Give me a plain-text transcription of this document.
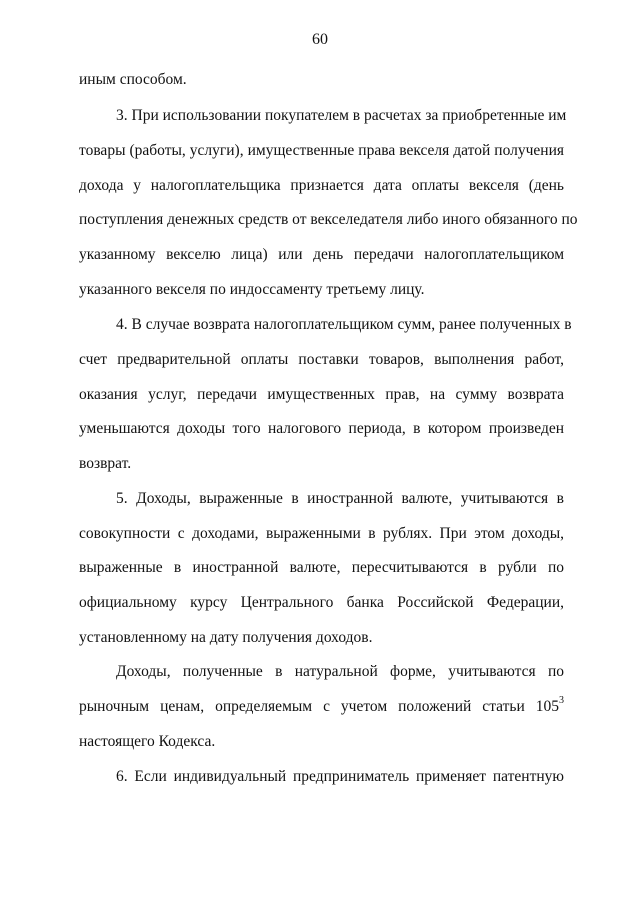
60
иным способом.
3. При использовании покупателем в расчетах за приобретенные им
товары (работы, услуги), имущественные права векселя датой получения
дохода у налогоплательщика признается дата оплаты векселя (день
поступления денежных средств от векселедателя либо иного обязанного по
указанному векселю лица) или день передачи налогоплательщиком
указанного векселя по индоссаменту третьему лицу.
4. В случае возврата налогоплательщиком сумм, ранее полученных в
счет предварительной оплаты поставки товаров, выполнения работ,
оказания услуг, передачи имущественных прав, на сумму возврата
уменьшаются доходы того налогового периода, в котором произведен
возврат.
5. Доходы, выраженные в иностранной валюте, учитываются в
совокупности с доходами, выраженными в рублях. При этом доходы,
выраженные в иностранной валюте, пересчитываются в рубли по
официальному курсу Центрального банка Российской Федерации,
установленному на дату получения доходов.
Доходы, полученные в натуральной форме, учитываются по
рыночным ценам, определяемым с учетом положений статьи $105^3$
настоящего Кодекса.
6. Если индивидуальный предприниматель применяет патентную
